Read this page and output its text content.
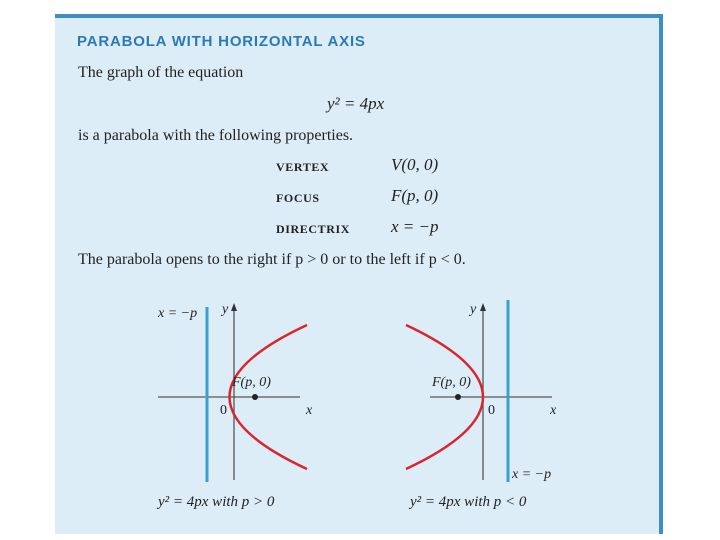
PARABOLA WITH HORIZONTAL AXIS
The graph of the equation
y² = 4px
is a parabola with the following properties.
VERTEX	V(0, 0)
FOCUS	F(p, 0)
DIRECTRIX x = −p
The parabola opens to the right if p > 0 or to the left if p < 0.
x = −p y
F(p, 0)
0	x
y² = 4px with p > 0
y
F(p, 0)
0	x
x = −p
y² = 4px with p < 0
